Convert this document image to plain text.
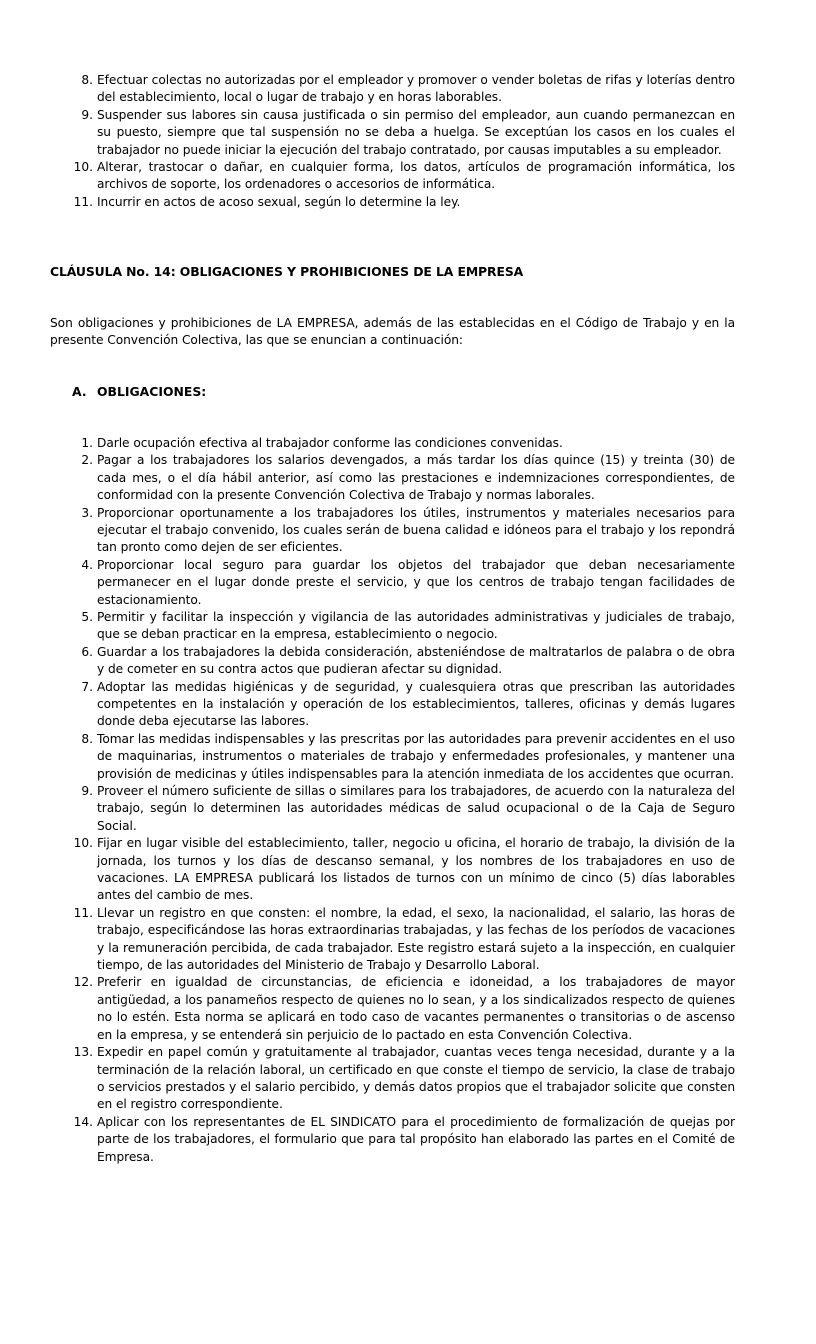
8. Efectuar colectas no autorizadas por el empleador y promover o vender boletas de rifas y loterías dentro del establecimiento, local o lugar de trabajo y en horas laborables.
9. Suspender sus labores sin causa justificada o sin permiso del empleador, aun cuando permanezcan en su puesto, siempre que tal suspensión no se deba a huelga. Se exceptúan los casos en los cuales el trabajador no puede iniciar la ejecución del trabajo contratado, por causas imputables a su empleador.
10. Alterar, trastocar o dañar, en cualquier forma, los datos, artículos de programación informática, los archivos de soporte, los ordenadores o accesorios de informática.
11. Incurrir en actos de acoso sexual, según lo determine la ley.
CLÁUSULA No. 14: OBLIGACIONES Y PROHIBICIONES DE LA EMPRESA

Son obligaciones y prohibiciones de LA EMPRESA, además de las establecidas en el Código de Trabajo y en la presente Convención Colectiva, las que se enuncian a continuación:

A. OBLIGACIONES:
1. Darle ocupación efectiva al trabajador conforme las condiciones convenidas.
2. Pagar a los trabajadores los salarios devengados, a más tardar los días quince (15) y treinta (30) de cada mes, o el día hábil anterior, así como las prestaciones e indemnizaciones correspondientes, de conformidad con la presente Convención Colectiva de Trabajo y normas laborales.
3. Proporcionar oportunamente a los trabajadores los útiles, instrumentos y materiales necesarios para ejecutar el trabajo convenido, los cuales serán de buena calidad e idóneos para el trabajo y los repondrá tan pronto como dejen de ser eficientes.
4. Proporcionar local seguro para guardar los objetos del trabajador que deban necesariamente permanecer en el lugar donde preste el servicio, y que los centros de trabajo tengan facilidades de estacionamiento.
5. Permitir y facilitar la inspección y vigilancia de las autoridades administrativas y judiciales de trabajo, que se deban practicar en la empresa, establecimiento o negocio.
6. Guardar a los trabajadores la debida consideración, absteniéndose de maltratarlos de palabra o de obra y de cometer en su contra actos que pudieran afectar su dignidad.
7. Adoptar las medidas higiénicas y de seguridad, y cualesquiera otras que prescriban las autoridades competentes en la instalación y operación de los establecimientos, talleres, oficinas y demás lugares donde deba ejecutarse las labores.
8. Tomar las medidas indispensables y las prescritas por las autoridades para prevenir accidentes en el uso de maquinarias, instrumentos o materiales de trabajo y enfermedades profesionales, y mantener una provisión de medicinas y útiles indispensables para la atención inmediata de los accidentes que ocurran.
9. Proveer el número suficiente de sillas o similares para los trabajadores, de acuerdo con la naturaleza del trabajo, según lo determinen las autoridades médicas de salud ocupacional o de la Caja de Seguro Social.
10. Fijar en lugar visible del establecimiento, taller, negocio u oficina, el horario de trabajo, la división de la jornada, los turnos y los días de descanso semanal, y los nombres de los trabajadores en uso de vacaciones. LA EMPRESA publicará los listados de turnos con un mínimo de cinco (5) días laborables antes del cambio de mes.
11. Llevar un registro en que consten: el nombre, la edad, el sexo, la nacionalidad, el salario, las horas de trabajo, especificándose las horas extraordinarias trabajadas, y las fechas de los períodos de vacaciones y la remuneración percibida, de cada trabajador. Este registro estará sujeto a la inspección, en cualquier tiempo, de las autoridades del Ministerio de Trabajo y Desarrollo Laboral.
12. Preferir en igualdad de circunstancias, de eficiencia e idoneidad, a los trabajadores de mayor antigüedad, a los panameños respecto de quienes no lo sean, y a los sindicalizados respecto de quienes no lo estén. Esta norma se aplicará en todo caso de vacantes permanentes o transitorias o de ascenso en la empresa, y se entenderá sin perjuicio de lo pactado en esta Convención Colectiva.
13. Expedir en papel común y gratuitamente al trabajador, cuantas veces tenga necesidad, durante y a la terminación de la relación laboral, un certificado en que conste el tiempo de servicio, la clase de trabajo o servicios prestados y el salario percibido, y demás datos propios que el trabajador solicite que consten en el registro correspondiente.
14. Aplicar con los representantes de EL SINDICATO para el procedimiento de formalización de quejas por parte de los trabajadores, el formulario que para tal propósito han elaborado las partes en el Comité de Empresa.
